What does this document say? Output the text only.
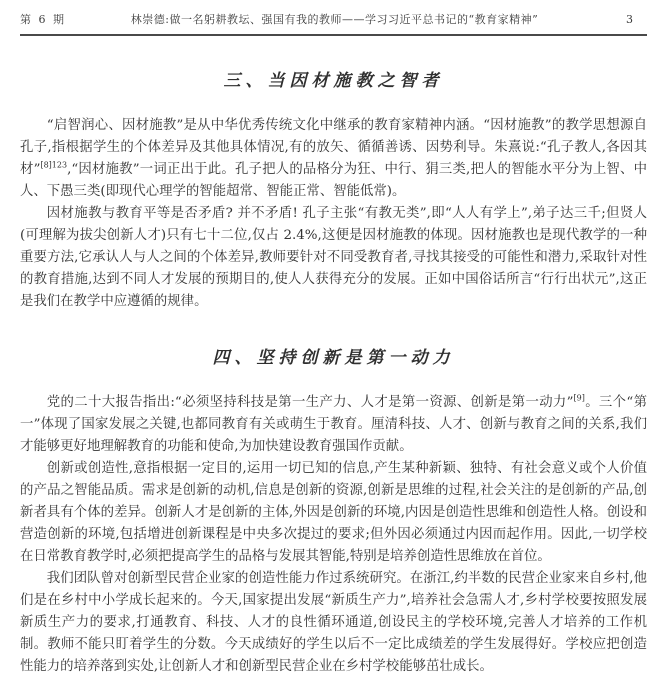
第 6 期	林崇德:做一名躬耕教坛、强国有我的教师——学习习近平总书记的“教育家精神”	3
三、当因材施教之智者

“启智润心、因材施教”是从中华优秀传统文化中继承的教育家精神内涵。“因材施教”的教学思想源自孔子,指根据学生的个体差异及其他具体情况,有的放矢、循循善诱、因势利导。朱熹说:“孔子教人,各因其材”$^{[8]123}$,“因材施教”一词正出于此。孔子把人的品格分为狂、中行、狷三类,把人的智能水平分为上智、中人、下愚三类(即现代心理学的智能超常、智能正常、智能低常)。

因材施教与教育平等是否矛盾? 并不矛盾! 孔子主张“有教无类”,即“人人有学上”,弟子达三千;但贤人(可理解为拔尖创新人才)只有七十二位,仅占 2.4%,这便是因材施教的体现。因材施教也是现代教学的一种重要方法,它承认人与人之间的个体差异,教师要针对不同受教育者,寻找其接受的可能性和潜力,采取针对性的教育措施,达到不同人才发展的预期目的,使人人获得充分的发展。正如中国俗话所言“行行出状元”,这正是我们在教学中应遵循的规律。

四、坚持创新是第一动力

党的二十大报告指出:“必须坚持科技是第一生产力、人才是第一资源、创新是第一动力”[9]。三个“第一”体现了国家发展之关键,也都同教育有关或萌生于教育。厘清科技、人才、创新与教育之间的关系,我们才能够更好地理解教育的功能和使命,为加快建设教育强国作贡献。

创新或创造性,意指根据一定目的,运用一切已知的信息,产生某种新颖、独特、有社会意义或个人价值的产品之智能品质。需求是创新的动机,信息是创新的资源,创新是思维的过程,社会关注的是创新的产品,创新者具有个体的差异。创新人才是创新的主体,外因是创新的环境,内因是创造性思维和创造性人格。创设和营造创新的环境,包括增进创新课程是中央多次提过的要求;但外因必须通过内因而起作用。因此,一切学校在日常教育教学时,必须把提高学生的品格与发展其智能,特别是培养创造性思维放在首位。

我们团队曾对创新型民营企业家的创造性能力作过系统研究。在浙江,约半数的民营企业家来自乡村,他们是在乡村中小学成长起来的。今天,国家提出发展“新质生产力”,培养社会急需人才,乡村学校要按照发展新质生产力的要求,打通教育、科技、人才的良性循环通道,创设民主的学校环境,完善人才培养的工作机制。教师不能只盯着学生的分数。今天成绩好的学生以后不一定比成绩差的学生发展得好。学校应把创造性能力的培养落到实处,让创新人才和创新型民营企业在乡村学校能够茁壮成长。
